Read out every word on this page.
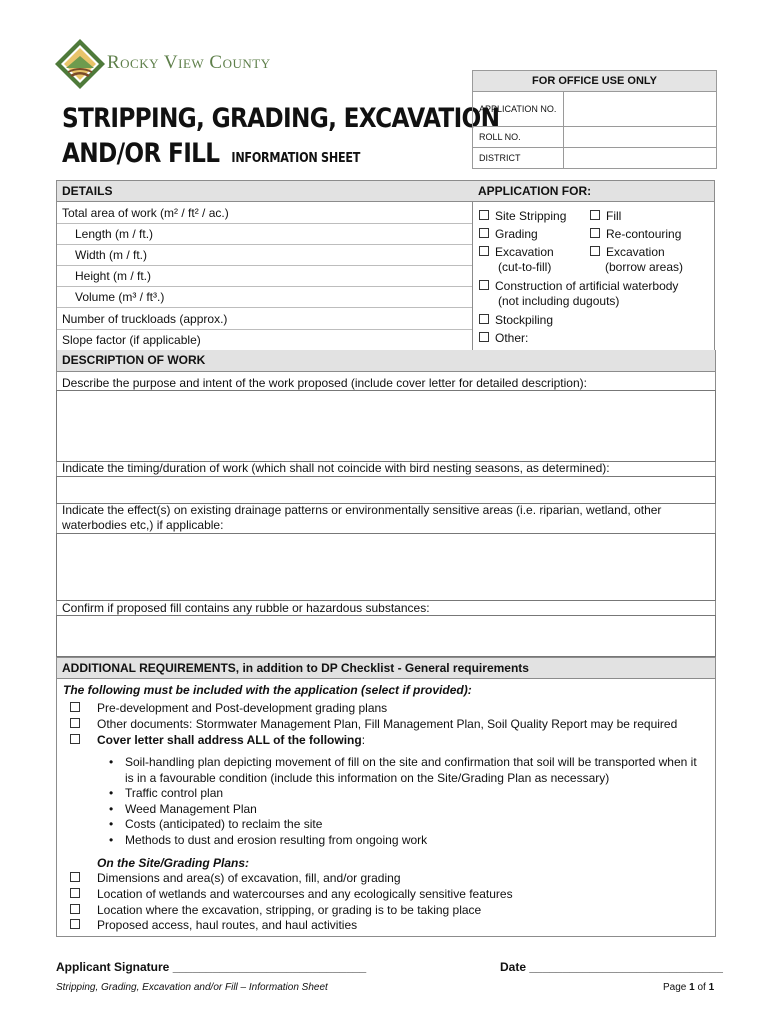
Rocky View County
STRIPPING, GRADING, EXCAVATION
AND/OR FILL INFORMATION SHEET
FOR OFFICE USE ONLY	
APPLICATION NO.	
ROLL NO.	
DISTRICT	
DETAILS
Total area of work (m² / ft² / ac.)
Length (m / ft.)
Width (m / ft.)
Height (m / ft.)
Volume (m³ / ft³.)
Number of truckloads (approx.)
Slope factor (if applicable)
APPLICATION FOR:
Site Stripping	Fill
Grading	Re-contouring
Excavation
(cut-to-fill)
Excavation
(borrow areas)
Construction of artificial waterbody
(not including dugouts)
Stockpiling
Other:
DESCRIPTION OF WORK
Describe the purpose and intent of the work proposed (include cover letter for detailed description):
Indicate the timing/duration of work (which shall not coincide with bird nesting seasons, as determined):
Indicate the effect(s) on existing drainage patterns or environmentally sensitive areas (i.e. riparian, wetland, other waterbodies etc,) if applicable:
Confirm if proposed fill contains any rubble or hazardous substances:
ADDITIONAL REQUIREMENTS, in addition to DP Checklist - General requirements
The following must be included with the application (select if provided):
Pre-development and Post-development grading plans
Other documents: Stormwater Management Plan, Fill Management Plan, Soil Quality Report may be required
Cover letter shall address ALL of the following:
• Soil-handling plan depicting movement of fill on the site and confirmation that soil will be transported when it is in a favourable condition (include this information on the Site/Grading Plan as necessary)
• Traffic control plan
• Weed Management Plan
• Costs (anticipated) to reclaim the site
• Methods to dust and erosion resulting from ongoing work
On the Site/Grading Plans:
Dimensions and area(s) of excavation, fill, and/or grading
Location of wetlands and watercourses and any ecologically sensitive features
Location where the excavation, stripping, or grading is to be taking place
Proposed access, haul routes, and haul activities
Applicant Signature _____________________________	Date _____________________________
Stripping, Grading, Excavation and/or Fill – Information Sheet	Page 1 of 1
